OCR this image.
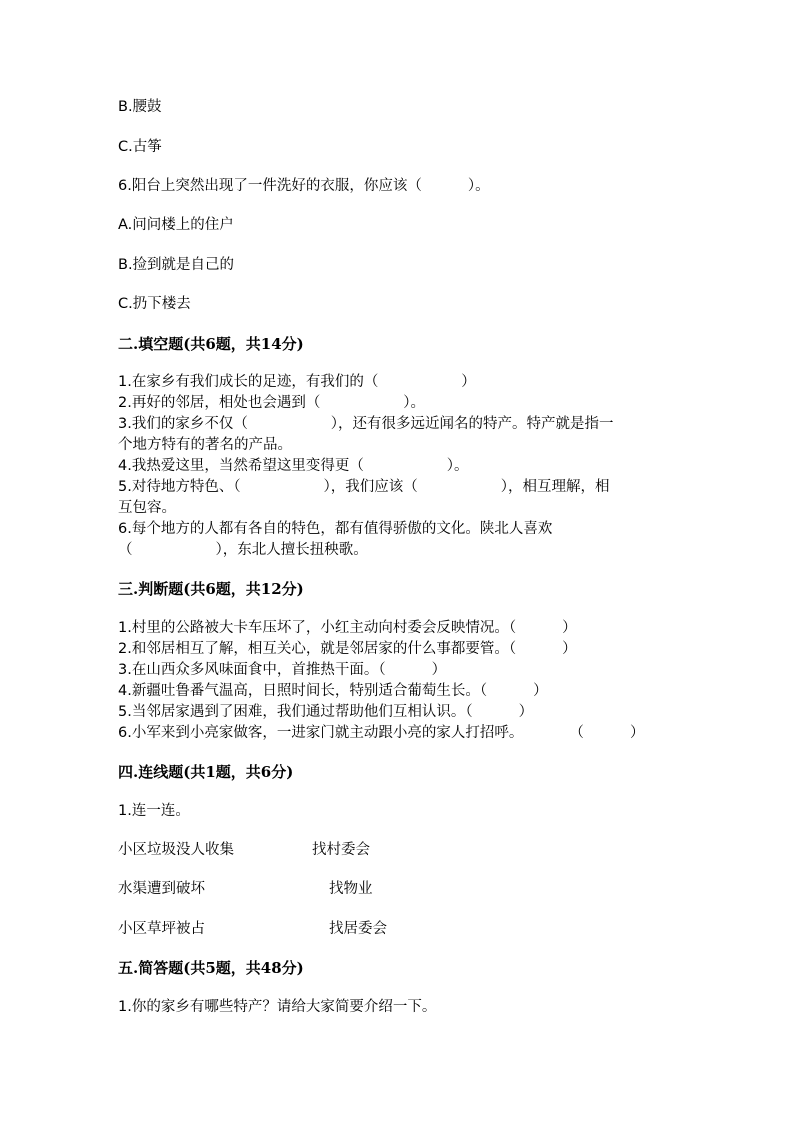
B.腰鼓
C.古筝
6.阳台上突然出现了一件洗好的衣服，你应该（          ）。
A.问问楼上的住户
B.捡到就是自己的
C.扔下楼去
二.填空题(共6题，共14分)
1.在家乡有我们成长的足迹，有我们的（                  ）
2.再好的邻居，相处也会遇到（                  ）。
3.我们的家乡不仅（                  ），还有很多远近闻名的特产。特产就是指一
个地方特有的著名的产品。
4.我热爱这里，当然希望这里变得更（                  ）。
5.对待地方特色、（                  ），我们应该（                  ），相互理解，相
互包容。
6.每个地方的人都有各自的特色，都有值得骄傲的文化。陕北人喜欢
（                  ），东北人擅长扭秧歌。
三.判断题(共6题，共12分)
1.村里的公路被大卡车压坏了，小红主动向村委会反映情况。（          ）
2.和邻居相互了解，相互关心，就是邻居家的什么事都要管。（          ）
3.在山西众多风味面食中，首推热干面。（          ）
4.新疆吐鲁番气温高，日照时间长，特别适合葡萄生长。（          ）
5.当邻居家遇到了困难，我们通过帮助他们互相认识。（          ）
6.小军来到小亮家做客，一进家门就主动跟小亮的家人打招呼。          （          ）
四.连线题(共1题，共6分)
1.连一连。
小区垃圾没人收集	找村委会
水渠遭到破坏	找物业
小区草坪被占	找居委会
五.简答题(共5题，共48分)
1.你的家乡有哪些特产？请给大家简要介绍一下。
